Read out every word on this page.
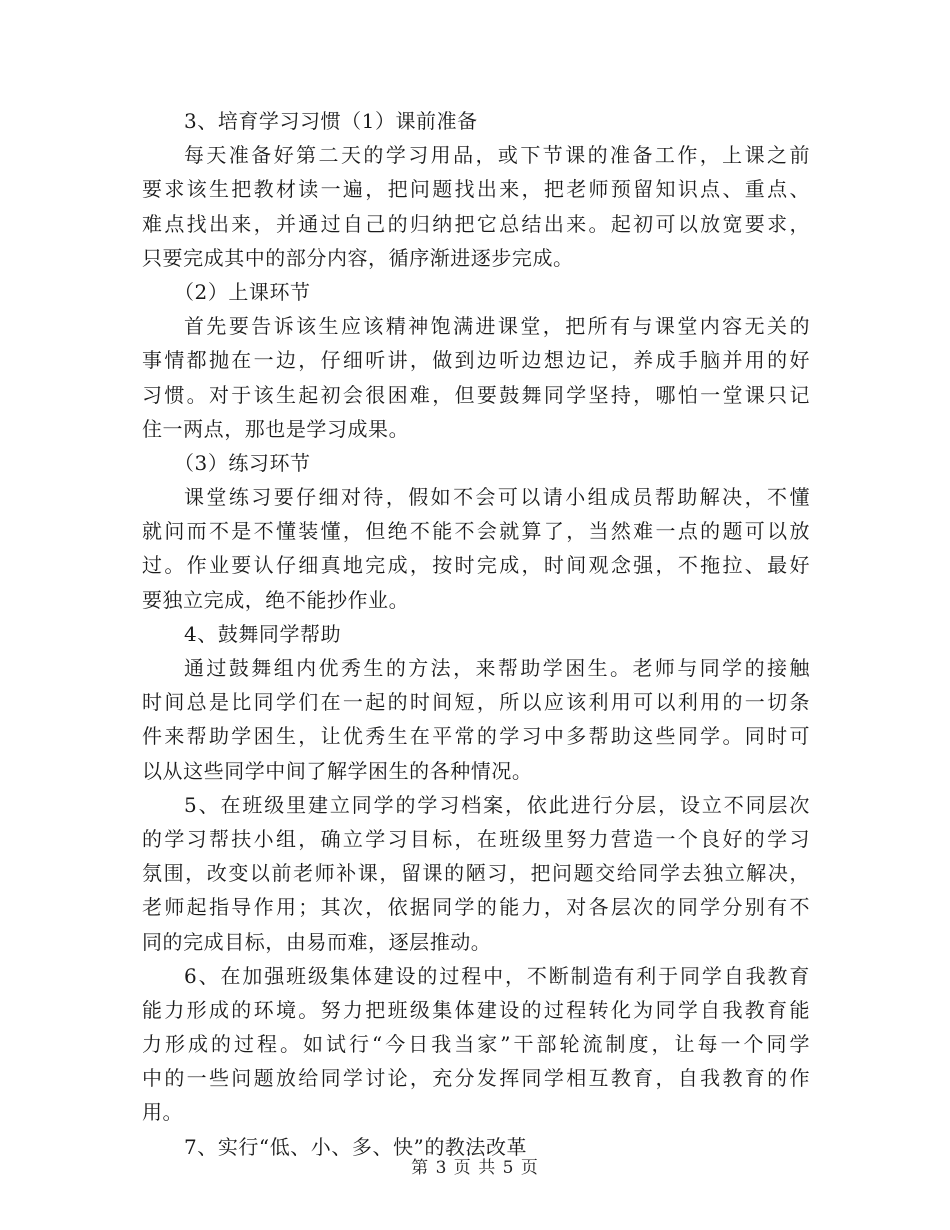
3、培育学习习惯（1）课前准备
每天准备好第二天的学习用品，或下节课的准备工作，上课之前
要求该生把教材读一遍，把问题找出来，把老师预留知识点、重点、
难点找出来，并通过自己的归纳把它总结出来。起初可以放宽要求，
只要完成其中的部分内容，循序渐进逐步完成。
（2）上课环节
首先要告诉该生应该精神饱满进课堂，把所有与课堂内容无关的
事情都抛在一边，仔细听讲，做到边听边想边记，养成手脑并用的好
习惯。对于该生起初会很困难，但要鼓舞同学坚持，哪怕一堂课只记
住一两点，那也是学习成果。
（3）练习环节
课堂练习要仔细对待，假如不会可以请小组成员帮助解决，不懂
就问而不是不懂装懂，但绝不能不会就算了，当然难一点的题可以放
过。作业要认仔细真地完成，按时完成，时间观念强，不拖拉、最好
要独立完成，绝不能抄作业。
4、鼓舞同学帮助
通过鼓舞组内优秀生的方法，来帮助学困生。老师与同学的接触
时间总是比同学们在一起的时间短，所以应该利用可以利用的一切条
件来帮助学困生，让优秀生在平常的学习中多帮助这些同学。同时可
以从这些同学中间了解学困生的各种情况。
5、在班级里建立同学的学习档案，依此进行分层，设立不同层次
的学习帮扶小组，确立学习目标，在班级里努力营造一个良好的学习
氛围，改变以前老师补课，留课的陋习，把问题交给同学去独立解决，
老师起指导作用；其次，依据同学的能力，对各层次的同学分别有不
同的完成目标，由易而难，逐层推动。
6、在加强班级集体建设的过程中，不断制造有利于同学自我教育
能力形成的环境。努力把班级集体建设的过程转化为同学自我教育能
力形成的过程。如试行“今日我当家”干部轮流制度，让每一个同学
中的一些问题放给同学讨论，充分发挥同学相互教育，自我教育的作
用。
7、实行“低、小、多、快”的教法改革
第 3 页 共 5 页
